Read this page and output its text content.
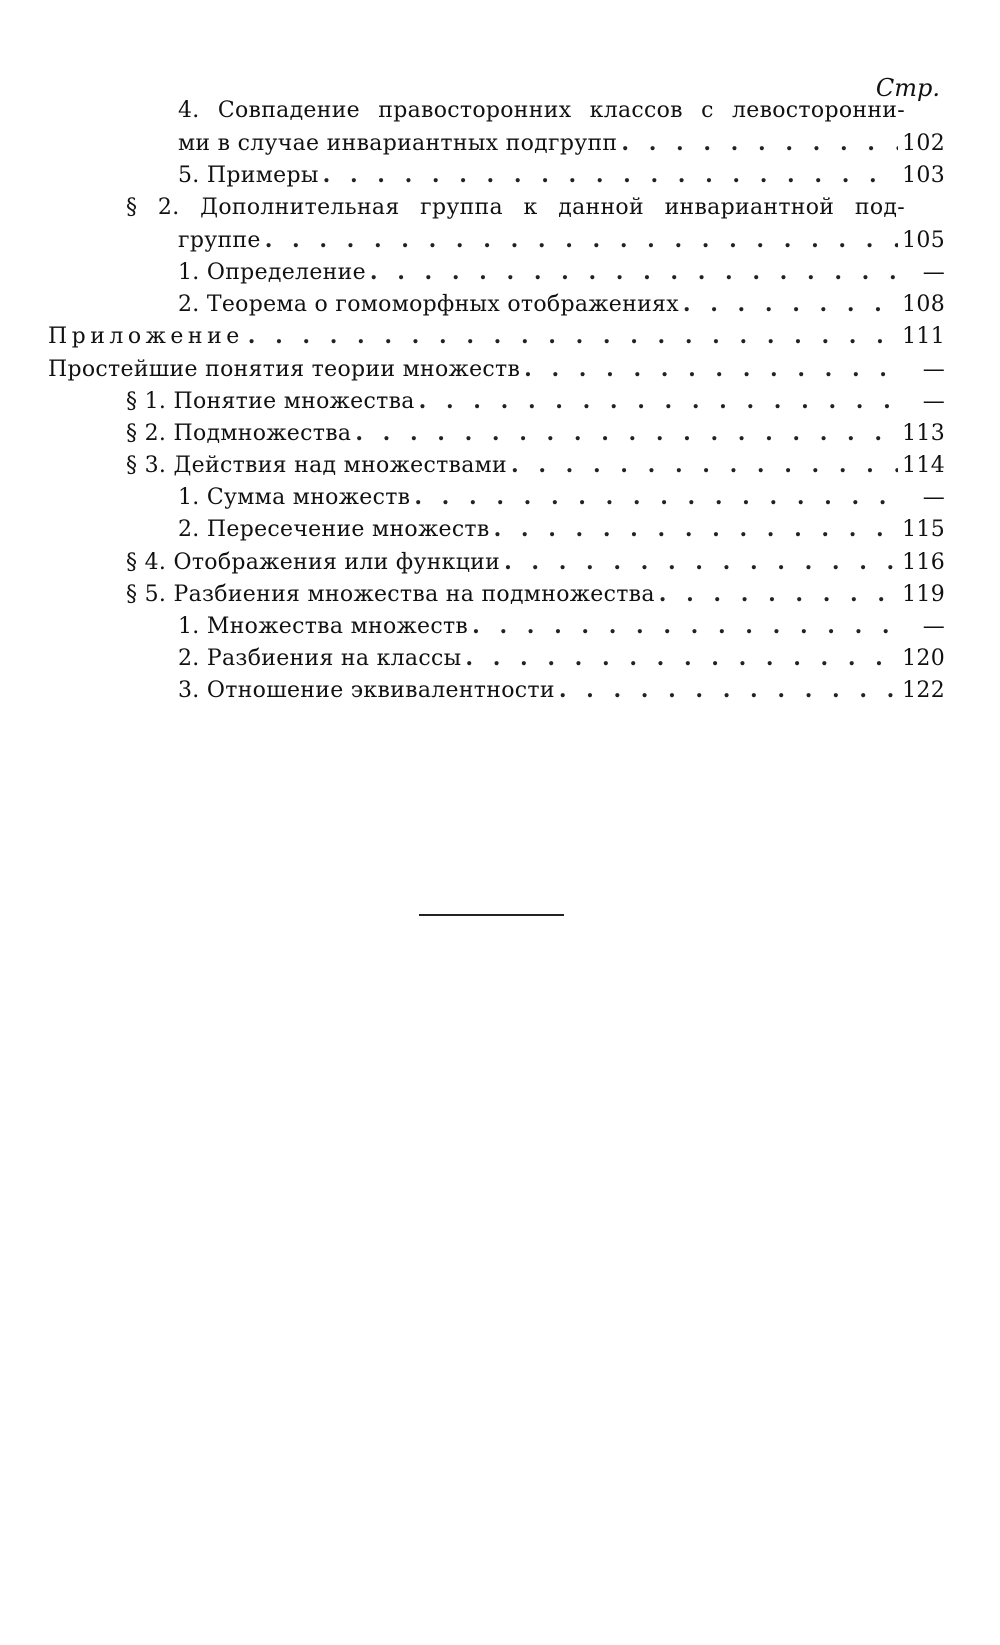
Стр.
4. Совпадение правосторонних классов с левосторонни-
ми в случае инвариантных подгрупп . . .	102
5. Примеры . . .	103
§ 2. Дополнительная группа к данной инвариантной под-
группе . . .	105
1. Определение . . .	—
2. Теорема о гомоморфных отображениях . . .	108
Приложение . . .	111
Простейшие понятия теории множеств . . .	—
§ 1. Понятие множества . . .	—
§ 2. Подмножества . . .	113
§ 3. Действия над множествами . . .	114
1. Сумма множеств . . .	—
2. Пересечение множеств . . .	115
§ 4. Отображения или функции . . .	116
§ 5. Разбиения множества на подмножества . . .	119
1. Множества множеств . . .	—
2. Разбиения на классы . . .	120
3. Отношение эквивалентности . . .	122
